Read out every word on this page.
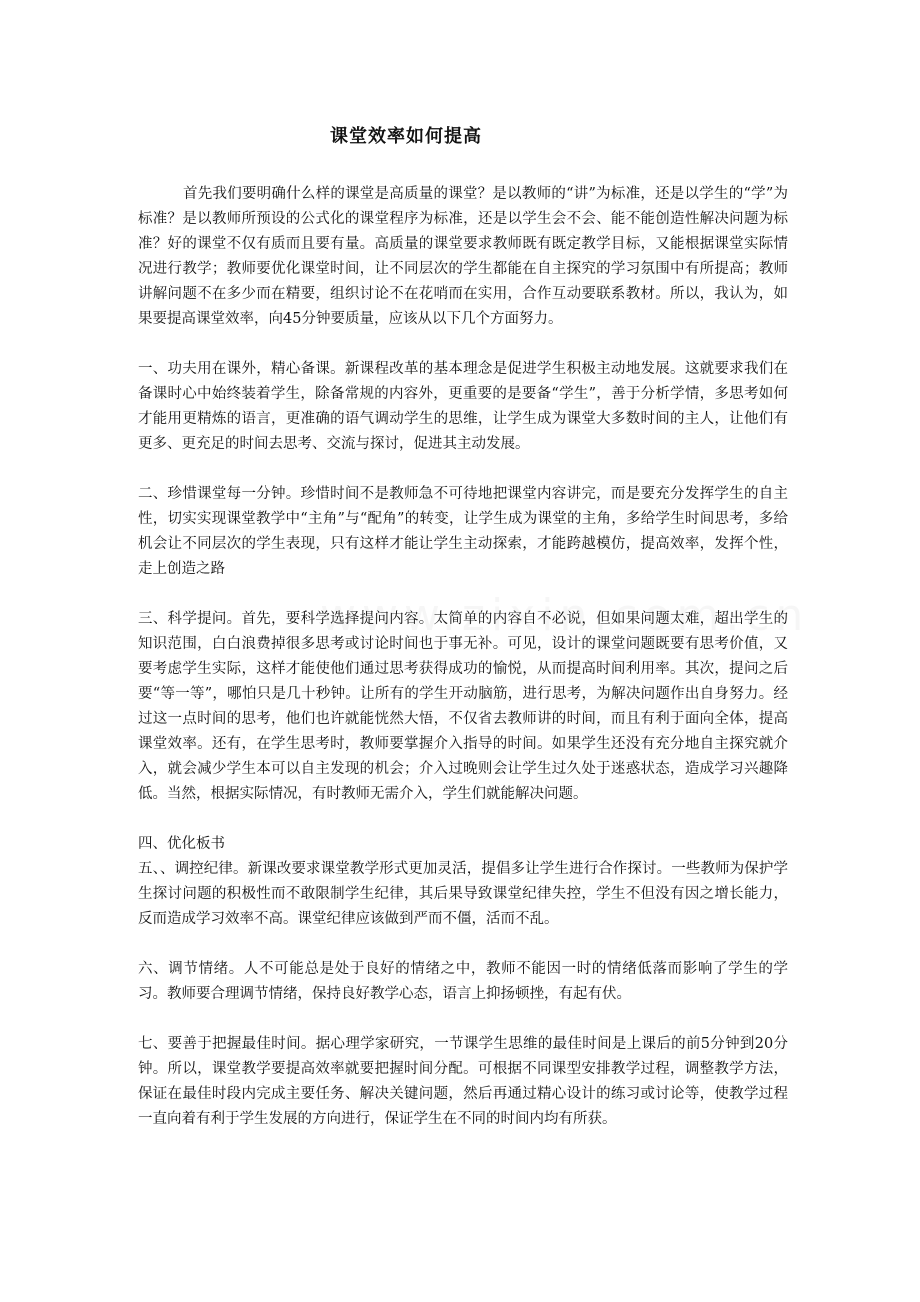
课堂效率如何提高

首先我们要明确什么样的课堂是高质量的课堂？是以教师的“讲”为标准，还是以学生的“学”为标准？是以教师所预设的公式化的课堂程序为标准，还是以学生会不会、能不能创造性解决问题为标准？好的课堂不仅有质而且要有量。高质量的课堂要求教师既有既定教学目标，又能根据课堂实际情况进行教学；教师要优化课堂时间，让不同层次的学生都能在自主探究的学习氛围中有所提高；教师讲解问题不在多少而在精要，组织讨论不在花哨而在实用，合作互动要联系教材。所以，我认为，如果要提高课堂效率，向45分钟要质量，应该从以下几个方面努力。

一、功夫用在课外，精心备课。新课程改革的基本理念是促进学生积极主动地发展。这就要求我们在备课时心中始终装着学生，除备常规的内容外，更重要的是要备“学生”，善于分析学情，多思考如何才能用更精炼的语言，更准确的语气调动学生的思维，让学生成为课堂大多数时间的主人，让他们有更多、更充足的时间去思考、交流与探讨，促进其主动发展。

二、珍惜课堂每一分钟。珍惜时间不是教师急不可待地把课堂内容讲完，而是要充分发挥学生的自主性，切实实现课堂教学中“主角”与“配角”的转变，让学生成为课堂的主角，多给学生时间思考，多给机会让不同层次的学生表现，只有这样才能让学生主动探索，才能跨越模仿，提高效率，发挥个性，走上创造之路

三、科学提问。首先，要科学选择提问内容。太简单的内容自不必说，但如果问题太难，超出学生的知识范围，白白浪费掉很多思考或讨论时间也于事无补。可见，设计的课堂问题既要有思考价值，又要考虑学生实际，这样才能使他们通过思考获得成功的愉悦，从而提高时间利用率。其次，提问之后要“等一等”，哪怕只是几十秒钟。让所有的学生开动脑筋，进行思考，为解决问题作出自身努力。经过这一点时间的思考，他们也许就能恍然大悟，不仅省去教师讲的时间，而且有利于面向全体，提高课堂效率。还有，在学生思考时，教师要掌握介入指导的时间。如果学生还没有充分地自主探究就介入，就会减少学生本可以自主发现的机会；介入过晚则会让学生过久处于迷惑状态，造成学习兴趣降低。当然，根据实际情况，有时教师无需介入，学生们就能解决问题。

四、优化板书

五、、调控纪律。新课改要求课堂教学形式更加灵活，提倡多让学生进行合作探讨。一些教师为保护学生探讨问题的积极性而不敢限制学生纪律，其后果导致课堂纪律失控，学生不但没有因之增长能力，反而造成学习效率不高。课堂纪律应该做到严而不僵，活而不乱。

六、调节情绪。人不可能总是处于良好的情绪之中，教师不能因一时的情绪低落而影响了学生的学习。教师要合理调节情绪，保持良好教学心态，语言上抑扬顿挫，有起有伏。

七、要善于把握最佳时间。据心理学家研究，一节课学生思维的最佳时间是上课后的前5分钟到20分钟。所以，课堂教学要提高效率就要把握时间分配。可根据不同课型安排教学过程，调整教学方法，保证在最佳时段内完成主要任务、解决关键问题，然后再通过精心设计的练习或讨论等，使教学过程一直向着有利于学生发展的方向进行，保证学生在不同的时间内均有所获。
